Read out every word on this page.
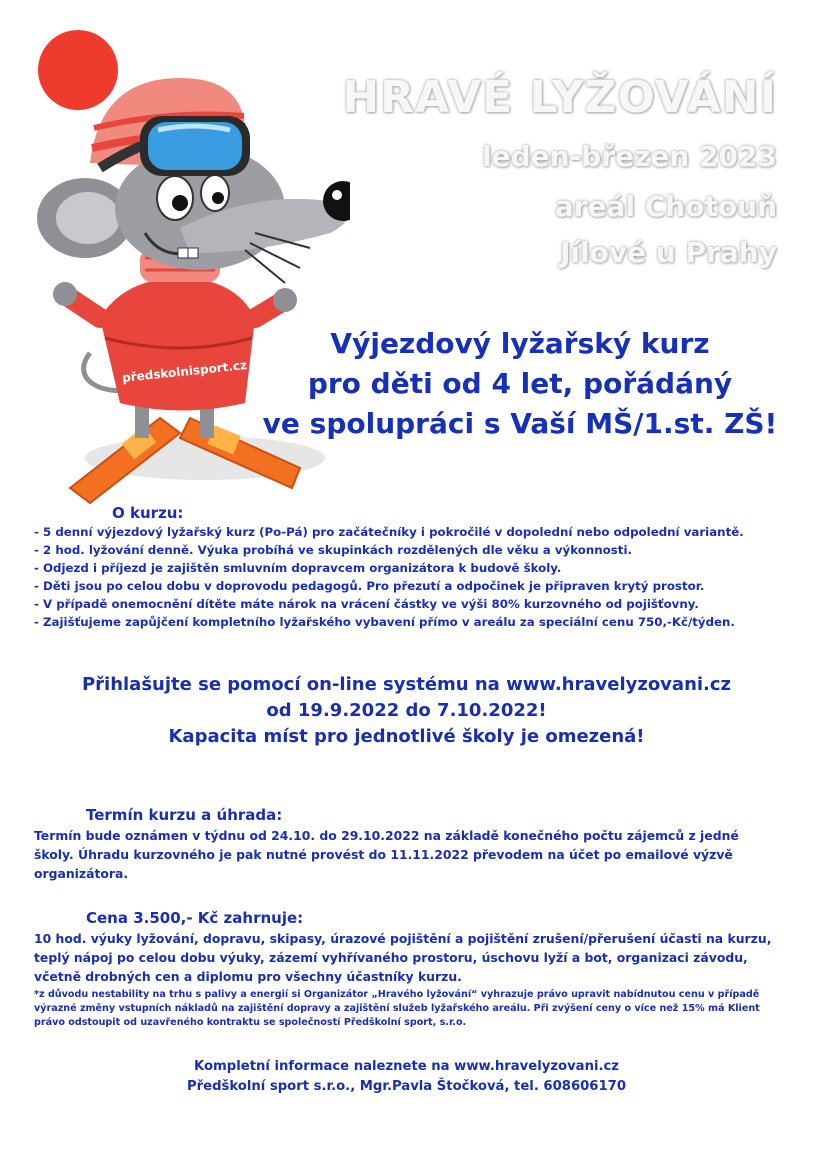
předskolnisport.cz
HRAVÉ LYŽOVÁNÍ
leden-březen 2023
areál Chotouň
Jílové u Prahy
Výjezdový lyžařský kurz
pro děti od 4 let, pořádáný
ve spolupráci s Vaší MŠ/1.st. ZŠ!
O kurzu:
- 5 denní výjezdový lyžařský kurz (Po-Pá) pro začátečníky i pokročilé v dopolední nebo odpolední variantě.
- 2 hod. lyžování denně. Výuka probíhá ve skupinkách rozdělených dle věku a výkonnosti.
- Odjezd i příjezd je zajištěn smluvním dopravcem organizátora k budově školy.
- Děti jsou po celou dobu v doprovodu pedagogů. Pro přezutí a odpočinek je připraven krytý prostor.
- V případě onemocnění dítěte máte nárok na vrácení částky ve výši 80% kurzovného od pojišťovny.
- Zajišťujeme zapůjčení kompletního lyžařského vybavení přímo v areálu za speciální cenu 750,-Kč/týden.
Přihlašujte se pomocí on-line systému na www.hravelyzovani.cz
od 19.9.2022 do 7.10.2022!
Kapacita míst pro jednotlivé školy je omezená!
Termín kurzu a úhrada:
Termín bude oznámen v týdnu od 24.10. do 29.10.2022 na základě konečného počtu zájemců z jedné
školy. Úhradu kurzovného je pak nutné provést do 11.11.2022 převodem na účet po emailové výzvě
organizátora.
Cena 3.500,- Kč zahrnuje:
10 hod. výuky lyžování, dopravu, skipasy, úrazové pojištění a pojištění zrušení/přerušení účasti na kurzu,
teplý nápoj po celou dobu výuky, zázemí vyhřívaného prostoru, úschovu lyží a bot, organizaci závodu,
včetně drobných cen a diplomu pro všechny účastníky kurzu.
*z důvodu nestability na trhu s palivy a energií si Organizátor „Hravého lyžování“ vyhrazuje právo upravit nabídnutou cenu v případě
výrazné změny vstupních nákladů na zajištění dopravy a zajištění služeb lyžařského areálu. Při zvýšení ceny o více než 15% má Klient
právo odstoupit od uzavřeného kontraktu se společností Předškolní sport, s.r.o.
Kompletní informace naleznete na www.hravelyzovani.cz
Předškolní sport s.r.o., Mgr.Pavla Štočková, tel. 608606170
